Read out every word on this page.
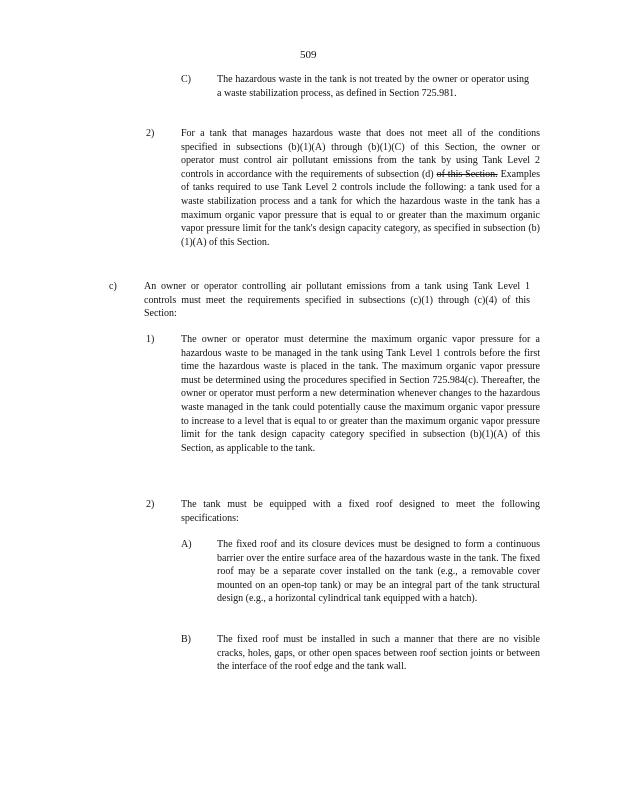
509
C)	The hazardous waste in the tank is not treated by the owner or operator using a waste stabilization process, as defined in Section 725.981.
2)	For a tank that manages hazardous waste that does not meet all of the conditions specified in subsections (b)(1)(A) through (b)(1)(C) of this Section, the owner or operator must control air pollutant emissions from the tank by using Tank Level 2 controls in accordance with the requirements of subsection (d) of this Section. Examples of tanks required to use Tank Level 2 controls include the following: a tank used for a waste stabilization process and a tank for which the hazardous waste in the tank has a maximum organic vapor pressure that is equal to or greater than the maximum organic vapor pressure limit for the tank's design capacity category, as specified in subsection (b)(1)(A) of this Section.
c)	An owner or operator controlling air pollutant emissions from a tank using Tank Level 1 controls must meet the requirements specified in subsections (c)(1) through (c)(4) of this Section:
1)	The owner or operator must determine the maximum organic vapor pressure for a hazardous waste to be managed in the tank using Tank Level 1 controls before the first time the hazardous waste is placed in the tank. The maximum organic vapor pressure must be determined using the procedures specified in Section 725.984(c). Thereafter, the owner or operator must perform a new determination whenever changes to the hazardous waste managed in the tank could potentially cause the maximum organic vapor pressure to increase to a level that is equal to or greater than the maximum organic vapor pressure limit for the tank design capacity category specified in subsection (b)(1)(A) of this Section, as applicable to the tank.
2)	The tank must be equipped with a fixed roof designed to meet the following specifications:
A)	The fixed roof and its closure devices must be designed to form a continuous barrier over the entire surface area of the hazardous waste in the tank. The fixed roof may be a separate cover installed on the tank (e.g., a removable cover mounted on an open-top tank) or may be an integral part of the tank structural design (e.g., a horizontal cylindrical tank equipped with a hatch).
B)	The fixed roof must be installed in such a manner that there are no visible cracks, holes, gaps, or other open spaces between roof section joints or between the interface of the roof edge and the tank wall.
